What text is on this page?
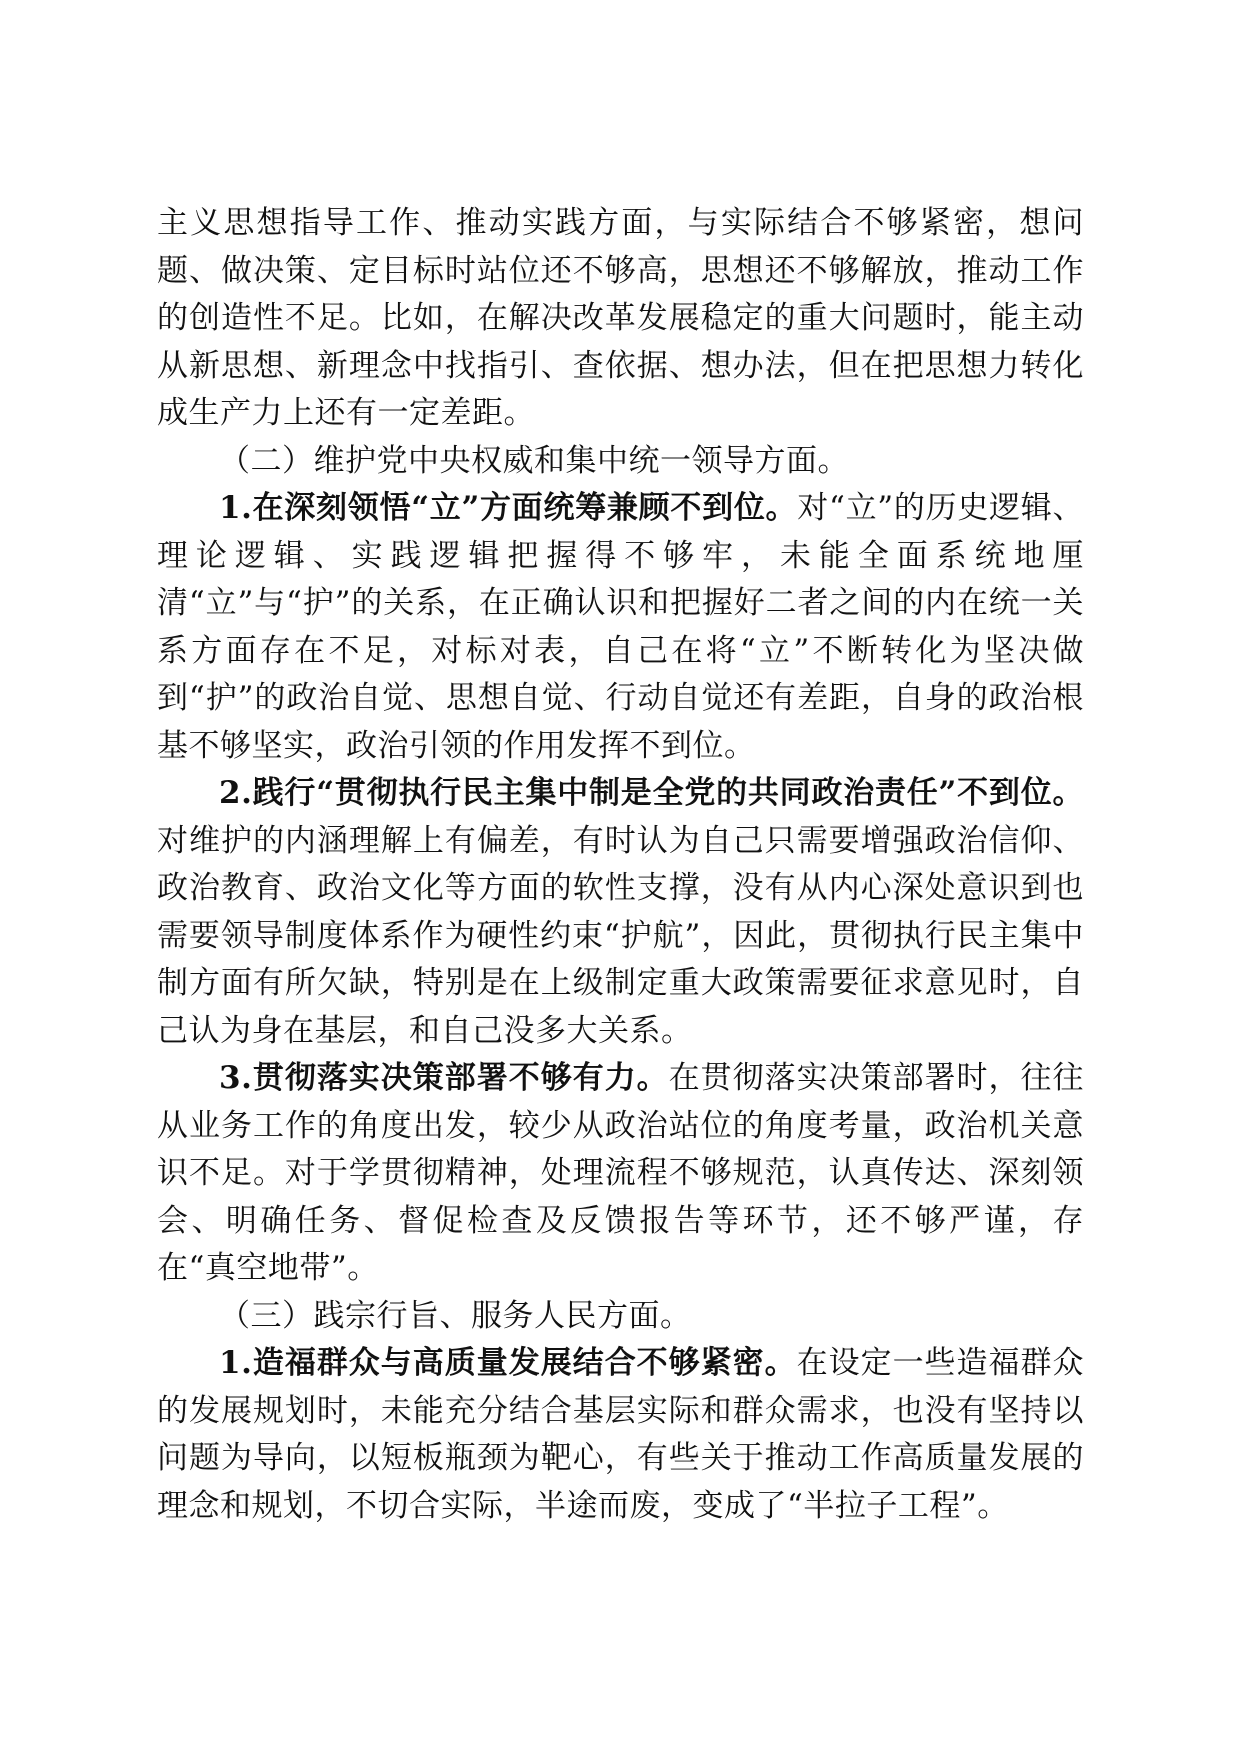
主义思想指导工作、推动实践方面，与实际结合不够紧密，想问题、做决策、定目标时站位还不够高，思想还不够解放，推动工作的创造性不足。比如，在解决改革发展稳定的重大问题时，能主动从新思想、新理念中找指引、查依据、想办法，但在把思想力转化成生产力上还有一定差距。

（二）维护党中央权威和集中统一领导方面。

1.在深刻领悟“立”方面统筹兼顾不到位。对“立”的历史逻辑、理论逻辑、实践逻辑把握得不够牢，未能全面系统地厘清“立”与“护”的关系，在正确认识和把握好二者之间的内在统一关系方面存在不足，对标对表，自己在将“立”不断转化为坚决做到“护”的政治自觉、思想自觉、行动自觉还有差距，自身的政治根基不够坚实，政治引领的作用发挥不到位。

2.践行“贯彻执行民主集中制是全党的共同政治责任”不到位。对维护的内涵理解上有偏差，有时认为自己只需要增强政治信仰、政治教育、政治文化等方面的软性支撑，没有从内心深处意识到也需要领导制度体系作为硬性约束“护航”，因此，贯彻执行民主集中制方面有所欠缺，特别是在上级制定重大政策需要征求意见时，自己认为身在基层，和自己没多大关系。

3.贯彻落实决策部署不够有力。在贯彻落实决策部署时，往往从业务工作的角度出发，较少从政治站位的角度考量，政治机关意识不足。对于学贯彻精神，处理流程不够规范，认真传达、深刻领会、明确任务、督促检查及反馈报告等环节，还不够严谨，存在“真空地带”。

（三）践宗行旨、服务人民方面。

1.造福群众与高质量发展结合不够紧密。在设定一些造福群众的发展规划时，未能充分结合基层实际和群众需求，也没有坚持以问题为导向，以短板瓶颈为靶心，有些关于推动工作高质量发展的理念和规划，不切合实际，半途而废，变成了“半拉子工程”。
